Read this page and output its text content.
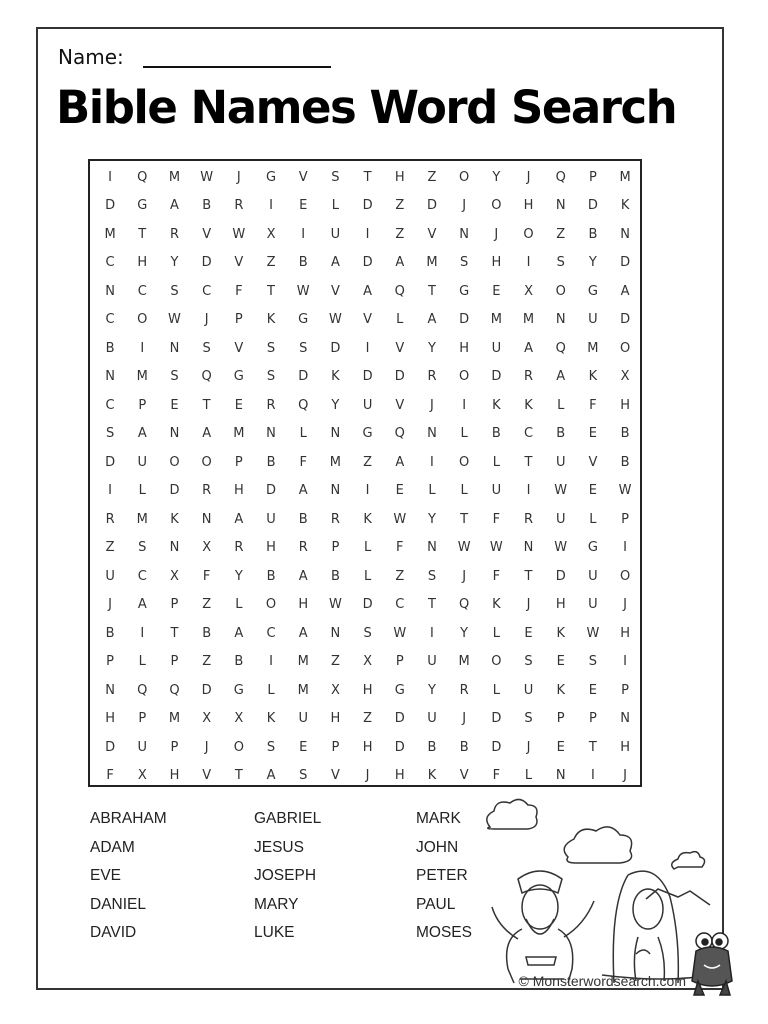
Name:
Bible Names Word Search
I	Q	M	W	J	G	V	S	T	H	Z	O	Y	J	Q	P	M
D	G	A	B	R	I	E	L	D	Z	D	J	O	H	N	D	K
M	T	R	V	W	X	I	U	I	Z	V	N	J	O	Z	B	N
C	H	Y	D	V	Z	B	A	D	A	M	S	H	I	S	Y	D
N	C	S	C	F	T	W	V	A	Q	T	G	E	X	O	G	A
C	O	W	J	P	K	G	W	V	L	A	D	M	M	N	U	D
B	I	N	S	V	S	S	D	I	V	Y	H	U	A	Q	M	O
N	M	S	Q	G	S	D	K	D	D	R	O	D	R	A	K	X
C	P	E	T	E	R	Q	Y	U	V	J	I	K	K	L	F	H
S	A	N	A	M	N	L	N	G	Q	N	L	B	C	B	E	B
D	U	O	O	P	B	F	M	Z	A	I	O	L	T	U	V	B
I	L	D	R	H	D	A	N	I	E	L	L	U	I	W	E	W
R	M	K	N	A	U	B	R	K	W	Y	T	F	R	U	L	P
Z	S	N	X	R	H	R	P	L	F	N	W	W	N	W	G	I
U	C	X	F	Y	B	A	B	L	Z	S	J	F	T	D	U	O
J	A	P	Z	L	O	H	W	D	C	T	Q	K	J	H	U	J
B	I	T	B	A	C	A	N	S	W	I	Y	L	E	K	W	H
P	L	P	Z	B	I	M	Z	X	P	U	M	O	S	E	S	I
N	Q	Q	D	G	L	M	X	H	G	Y	R	L	U	K	E	P
H	P	M	X	X	K	U	H	Z	D	U	J	D	S	P	P	N
D	U	P	J	O	S	E	P	H	D	B	B	D	J	E	T	H
F	X	H	V	T	A	S	V	J	H	K	V	F	L	N	I	J
ABRAHAM
ADAM
EVE
DANIEL
DAVID
GABRIEL
JESUS
JOSEPH
MARY
LUKE
MARK
JOHN
PETER
PAUL
MOSES
© Monsterwordsearch.com
